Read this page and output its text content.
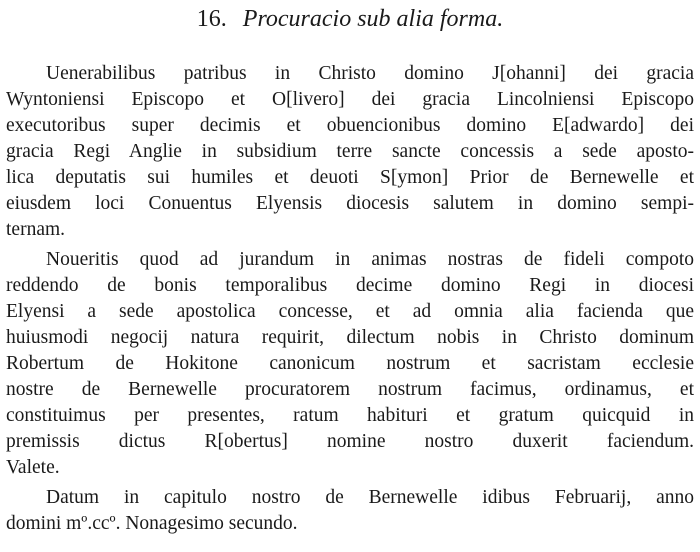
16. Procuracio sub alia forma.
Uenerabilibus patribus in Christo domino J[ohanni] dei gracia
Wyntoniensi Episcopo et O[livero] dei gracia Lincolniensi Episcopo
executoribus super decimis et obuencionibus domino E[adwardo] dei
gracia Regi Anglie in subsidium terre sancte concessis a sede aposto-
lica deputatis sui humiles et deuoti S[ymon] Prior de Bernewelle et
eiusdem loci Conuentus Elyensis diocesis salutem in domino sempi-
ternam.
Noueritis quod ad jurandum in animas nostras de fideli compoto
reddendo de bonis temporalibus decime domino Regi in diocesi
Elyensi a sede apostolica concesse, et ad omnia alia facienda que
huiusmodi negocij natura requirit, dilectum nobis in Christo dominum
Robertum de Hokitone canonicum nostrum et sacristam ecclesie
nostre de Bernewelle procuratorem nostrum facimus, ordinamus, et
constituimus per presentes, ratum habituri et gratum quicquid in
premissis dictus R[obertus] nomine nostro duxerit faciendum.
Valete.
Datum in capitulo nostro de Bernewelle idibus Februarij, anno
domini mº.ccº. Nonagesimo secundo.
